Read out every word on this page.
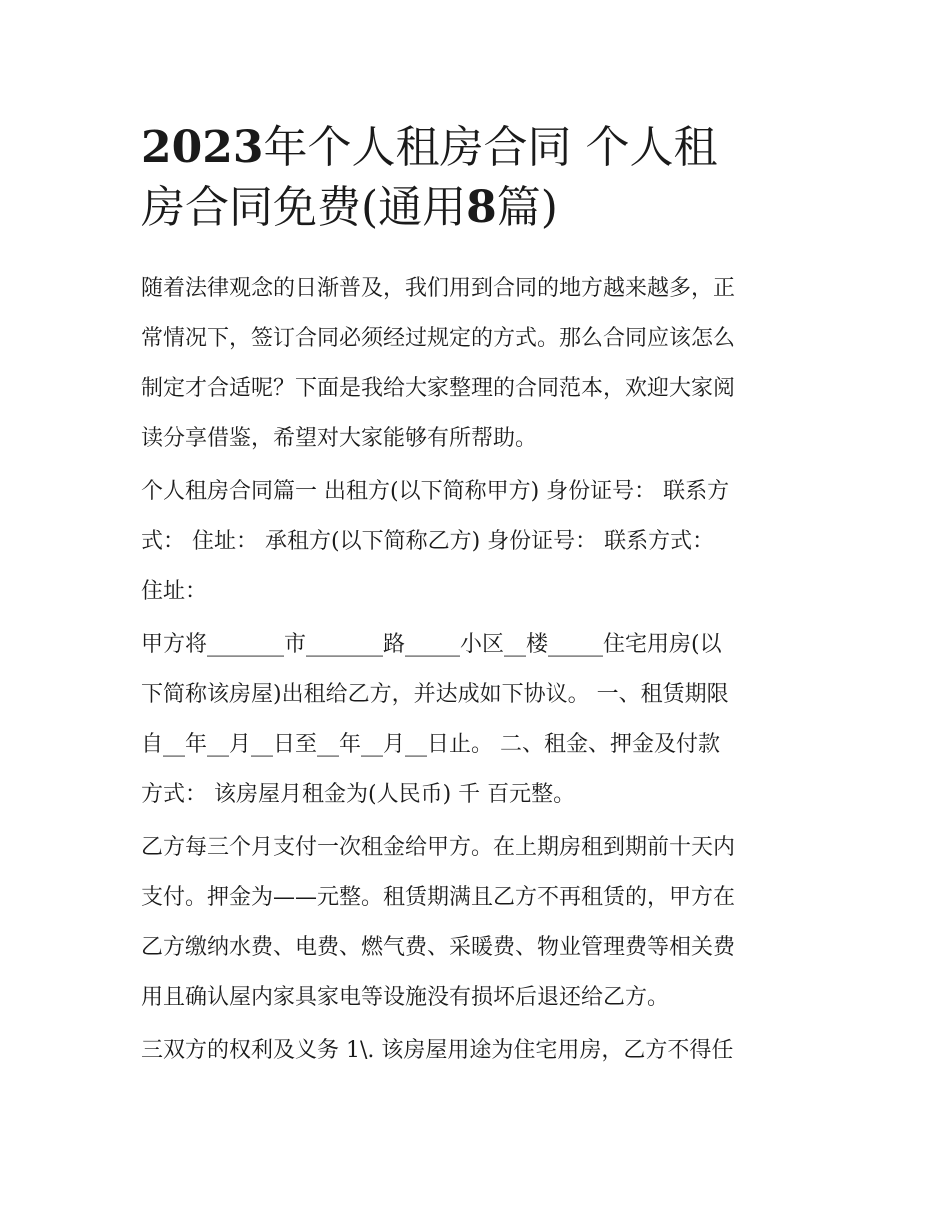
2023年个人租房合同 个人租
房合同免费(通用8篇)

随着法律观念的日渐普及，我们用到合同的地方越来越多，正
常情况下，签订合同必须经过规定的方式。那么合同应该怎么
制定才合适呢？下面是我给大家整理的合同范本，欢迎大家阅
读分享借鉴，希望对大家能够有所帮助。

个人租房合同篇一 出租方(以下简称甲方) 身份证号： 联系方
式： 住址： 承租方(以下简称乙方) 身份证号： 联系方式：
住址：

甲方将_______市_______路_____小区__楼_____住宅用房(以
下简称该房屋)出租给乙方，并达成如下协议。 一、租赁期限
自__年__月__日至__年__月__日止。 二、租金、押金及付款
方式： 该房屋月租金为(人民币) 千 百元整。

乙方每三个月支付一次租金给甲方。在上期房租到期前十天内
支付。押金为——元整。租赁期满且乙方不再租赁的，甲方在
乙方缴纳水费、电费、燃气费、采暖费、物业管理费等相关费
用且确认屋内家具家电等设施没有损坏后退还给乙方。

三双方的权利及义务 1\. 该房屋用途为住宅用房，乙方不得任
